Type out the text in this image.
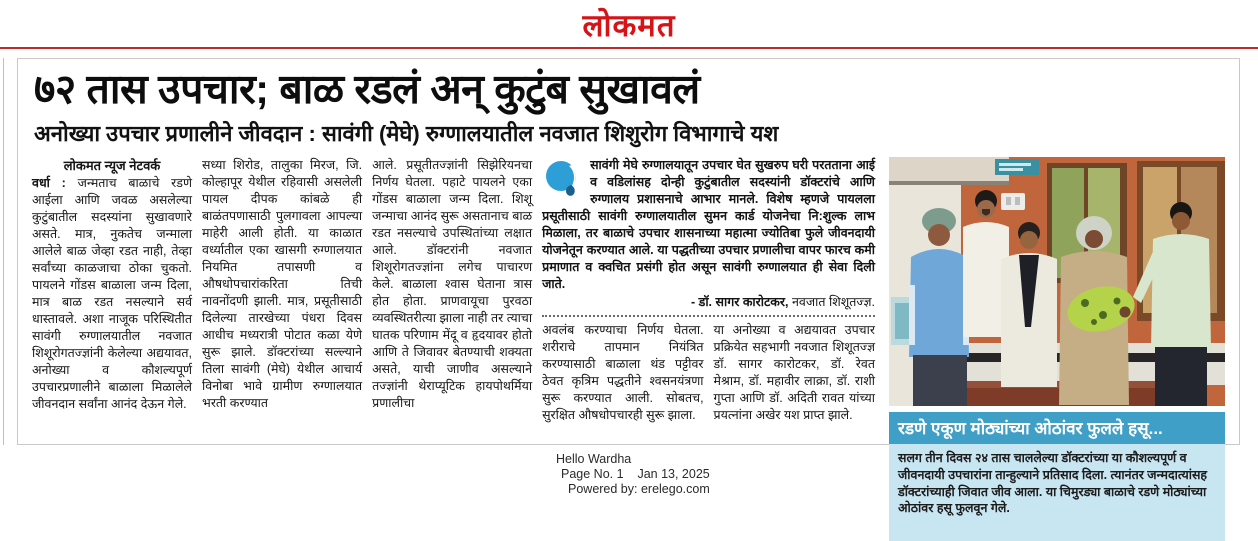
लोकमत
७२ तास उपचार; बाळ रडलं अन् कुटुंब सुखावलं
अनोख्या उपचार प्रणालीने जीवदान : सावंगी (मेघे) रुग्णालयातील नवजात शिशुरोग विभागाचे यश
लोकमत न्यूज नेटवर्क
वर्धा : जन्मताच बाळाचे रडणे आईला आणि जवळ असलेल्या कुटुंबातील सदस्यांना सुखावणारे असते. मात्र, नुकतेच जन्माला आलेले बाळ जेव्हा रडत नाही, तेव्हा सर्वांच्या काळजाचा ठोका चुकतो. पायलने गोंडस बाळाला जन्म दिला, मात्र बाळ रडत नसल्याने सर्व धास्तावले. अशा नाजूक परिस्थितीत सावंगी रुग्णालयातील नवजात शिशूरोगतज्ज्ञांनी केलेल्या अद्ययावत, अनोख्या व कौशल्यपूर्ण उपचारप्रणालीने बाळाला मिळालेले जीवनदान सर्वांना आनंद देऊन गेले.
सध्या शिरोड, तालुका मिरज, जि. कोल्हापूर येथील रहिवासी असलेली पायल दीपक कांबळे ही बाळंतपणासाठी पुलगावला आपल्या माहेरी आली होती. या काळात वर्ध्यातील एका खासगी रुग्णालयात नियमित तपासणी व औषधोपचारांकरिता तिची नावनोंदणी झाली. मात्र, प्रसूतीसाठी दिलेल्या तारखेच्या पंधरा दिवस आधीच मध्यरात्री पोटात कळा येणे सुरू झाले. डॉक्टरांच्या सल्ल्याने तिला सावंगी (मेघे) येथील आचार्य विनोबा भावे ग्रामीण रुग्णालयात भरती करण्यात
आले. प्रसूतीतज्ज्ञांनी सिझेरियनचा निर्णय घेतला. पहाटे पायलने एका गोंडस बाळाला जन्म दिला. शिशू जन्माचा आनंद सुरू असतानाच बाळ रडत नसल्याचे उपस्थितांच्या लक्षात आले. डॉक्टरांनी नवजात शिशूरोगतज्ज्ञांना लगेच पाचारण केले. बाळाला श्वास घेताना त्रास होत होता. प्राणवायूचा पुरवठा व्यवस्थितरीत्या झाला नाही तर त्याचा घातक परिणाम मेंदू व हृदयावर होतो आणि ते जिवावर बेतण्याची शक्यता असते, याची जाणीव असल्याने तज्ज्ञांनी थेराप्यूटिक हायपोथर्मिया प्रणालीचा
सावंगी मेघे रुग्णालयातून उपचार घेत सुखरुप घरी परतताना आई व वडिलांसह दोन्ही कुटुंबातील सदस्यांनी डॉक्टरांचे आणि रुग्णालय प्रशासनाचे आभार मानले. विशेष म्हणजे पायलला प्रसूतीसाठी सावंगी रुग्णालयातील सुमन कार्ड योजनेचा नि:शुल्क लाभ मिळाला, तर बाळाचे उपचार शासनाच्या महात्मा ज्योतिबा फुले जीवनदायी योजनेतून करण्यात आले. या पद्धतीच्या उपचार प्रणालीचा वापर फारच कमी प्रमाणात व क्वचित प्रसंगी होत असून सावंगी रुग्णालयात ही सेवा दिली जाते.
- डॉ. सागर कारोटकर, नवजात शिशूतज्ज्ञ.
अवलंब करण्याचा निर्णय घेतला. शरीराचे तापमान नियंत्रित करण्यासाठी बाळाला थंड पट्टीवर ठेवत कृत्रिम पद्धतीने श्वसनयंत्रणा सुरू करण्यात आली. सोबतच, सुरक्षित औषधोपचारही सुरू झाला.
या अनोख्या व अद्ययावत उपचार प्रक्रियेत सहभागी नवजात शिशूतज्ज्ञ डॉ. सागर कारोटकर, डॉ. रेवत मेश्राम, डॉ. महावीर लाक्रा, डॉ. राशी गुप्ता आणि डॉ. अदिती रावत यांच्या प्रयत्नांना अखेर यश प्राप्त झाले.
रडणे एकूण मोठ्यांच्या ओठांवर फुलले हसू...
सलग तीन दिवस २४ तास चाललेल्या डॉक्टरांच्या या कौशल्यपूर्ण व जीवनदायी उपचारांना तान्हुल्याने प्रतिसाद दिला. त्यानंतर जन्मदात्यांसह डॉक्टरांच्याही जिवात जीव आला. या चिमुरड्या बाळाचे रडणे मोठ्यांच्या ओठांवर हसू फुलवून गेले.
Hello Wardha
Page No. 1 Jan 13, 2025
Powered by: erelego.com
